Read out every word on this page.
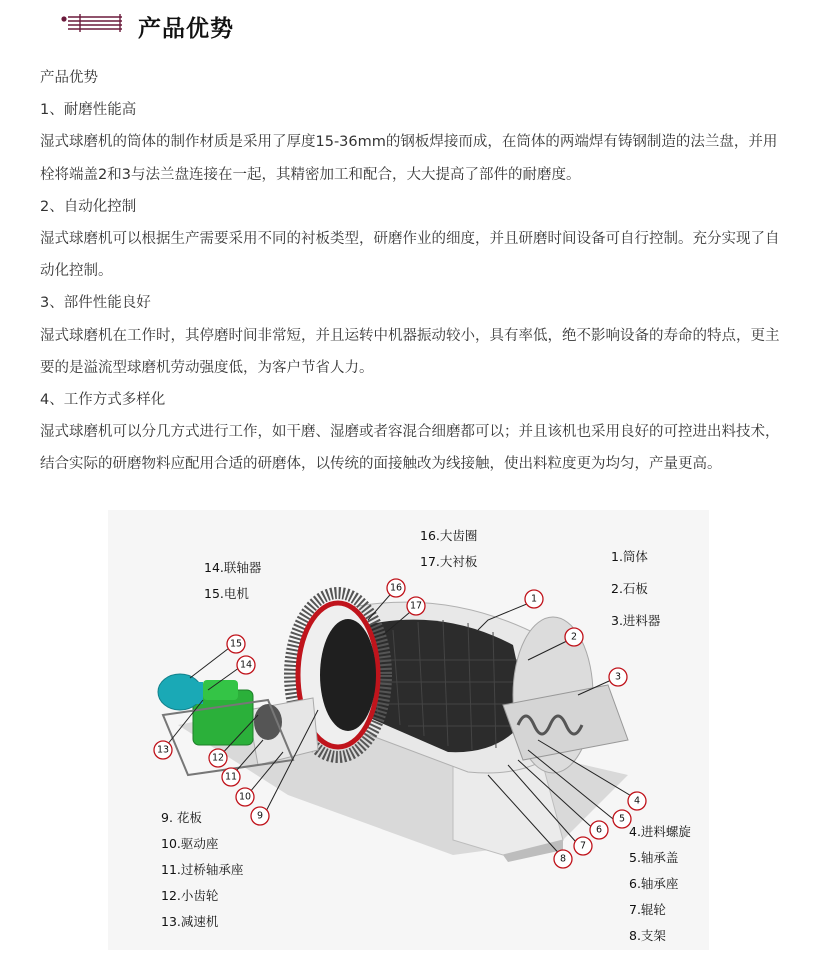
产品优势

产品优势

1、耐磨性能高

湿式球磨机的筒体的制作材质是采用了厚度15-36mm的钢板焊接而成，在筒体的两端焊有铸钢制造的法兰盘，并用栓将端盖2和3与法兰盘连接在一起，其精密加工和配合，大大提高了部件的耐磨度。

2、自动化控制

湿式球磨机可以根据生产需要采用不同的衬板类型，研磨作业的细度，并且研磨时间设备可自行控制。充分实现了自动化控制。

3、部件性能良好

湿式球磨机在工作时，其停磨时间非常短，并且运转中机器振动较小，具有率低，绝不影响设备的寿命的特点，更主要的是溢流型球磨机劳动强度低，为客户节省人力。

4、工作方式多样化

湿式球磨机可以分几方式进行工作，如干磨、湿磨或者容混合细磨都可以；并且该机也采用良好的可控进出料技术，结合实际的研磨物料应配用合适的研磨体，以传统的面接触改为线接触，使出料粒度更为均匀，产量更高。

1
2
3
4
5
6
7
8
9
10
11
12
13
14
15
16
17
16.大齿圈
17.大衬板
14.联轴器
15.电机
1.筒体
2.石板
3.进料器
4.进料螺旋
5.轴承盖
6.轴承座
7.辊轮
8.支架
9. 花板
10.驱动座
11.过桥轴承座
12.小齿轮
13.减速机
